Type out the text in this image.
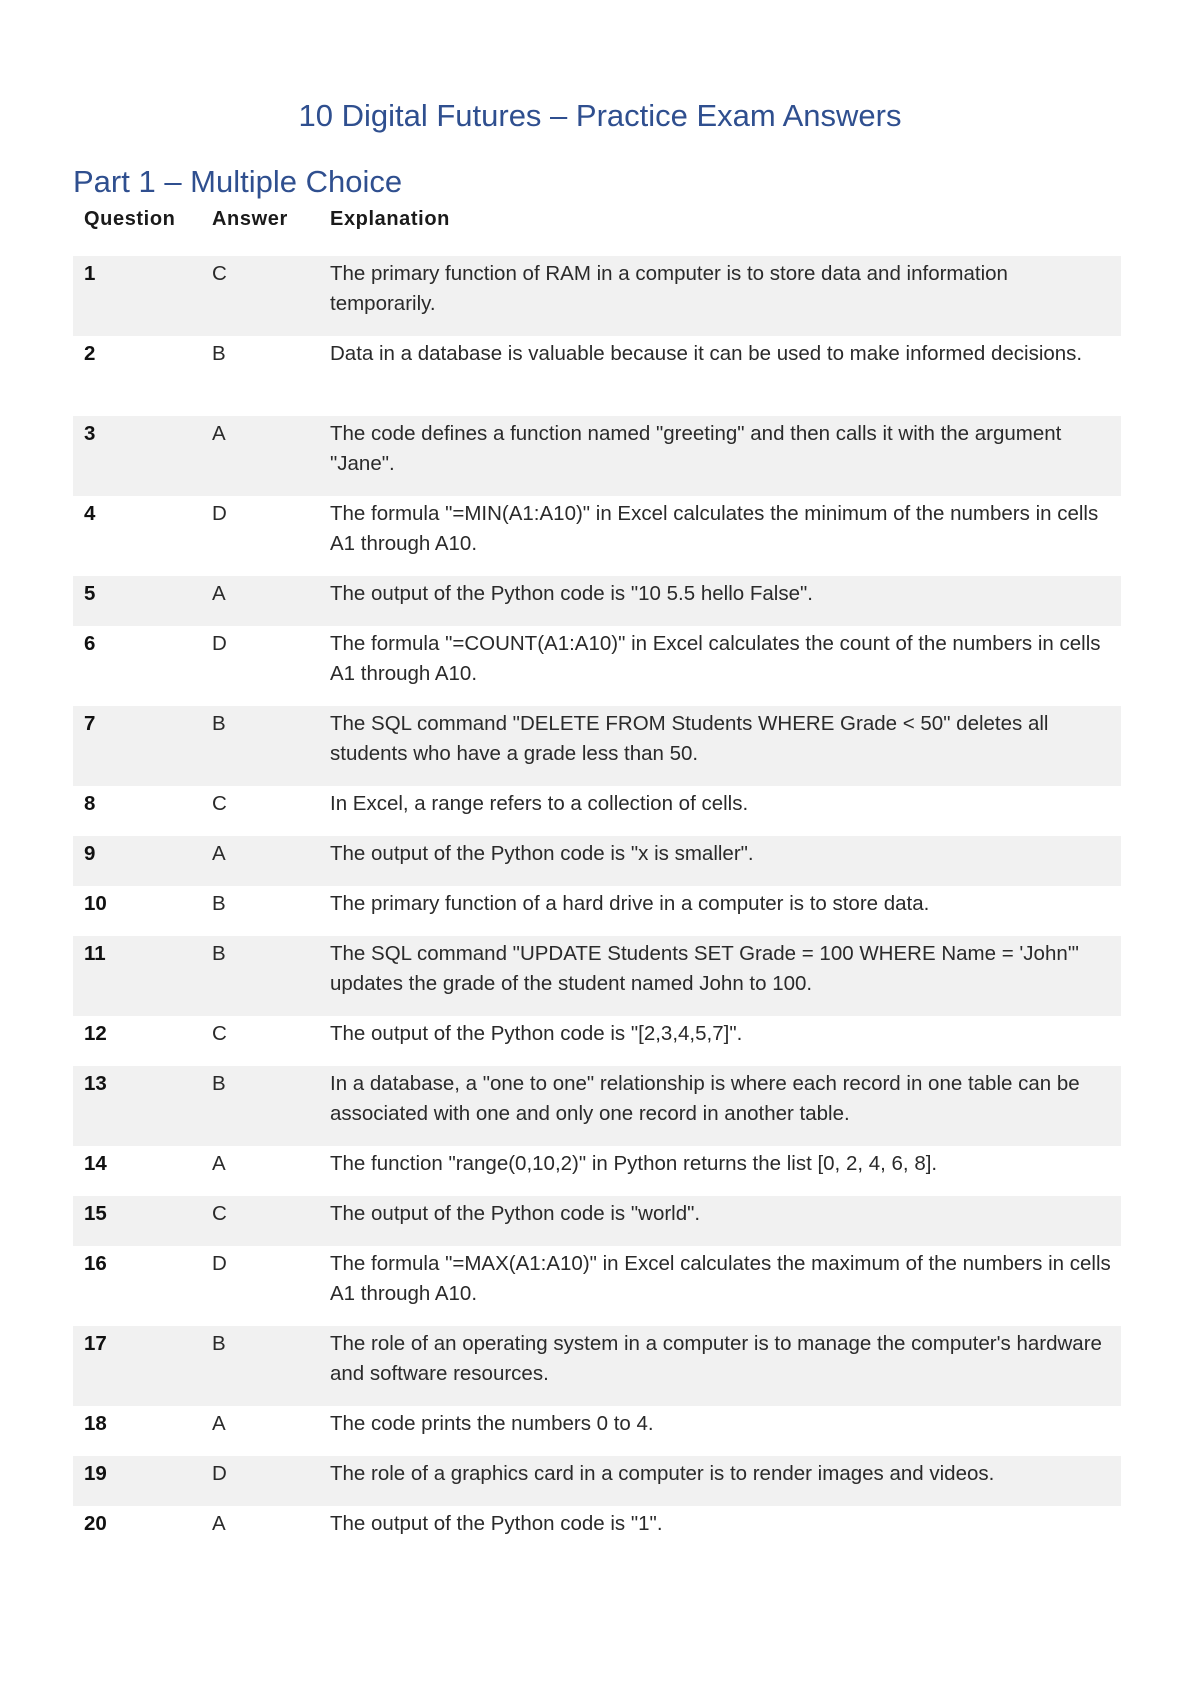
10 Digital Futures – Practice Exam Answers
Part 1 – Multiple Choice
Question	Answer	Explanation
1	C	The primary function of RAM in a computer is to store data and information temporarily.
2	B	Data in a database is valuable because it can be used to make informed decisions.
3	A	The code defines a function named "greeting" and then calls it with the argument "Jane".
4	D	The formula "=MIN(A1:A10)" in Excel calculates the minimum of the numbers in cells A1 through A10.
5	A	The output of the Python code is "10 5.5 hello False".
6	D	The formula "=COUNT(A1:A10)" in Excel calculates the count of the numbers in cells A1 through A10.
7	B	The SQL command "DELETE FROM Students WHERE Grade < 50" deletes all students who have a grade less than 50.
8	C	In Excel, a range refers to a collection of cells.
9	A	The output of the Python code is "x is smaller".
10	B	The primary function of a hard drive in a computer is to store data.
11	B	The SQL command "UPDATE Students SET Grade = 100 WHERE Name = 'John'" updates the grade of the student named John to 100.
12	C	The output of the Python code is "[2,3,4,5,7]".
13	B	In a database, a "one to one" relationship is where each record in one table can be associated with one and only one record in another table.
14	A	The function "range(0,10,2)" in Python returns the list [0, 2, 4, 6, 8].
15	C	The output of the Python code is "world".
16	D	The formula "=MAX(A1:A10)" in Excel calculates the maximum of the numbers in cells A1 through A10.
17	B	The role of an operating system in a computer is to manage the computer's hardware and software resources.
18	A	The code prints the numbers 0 to 4.
19	D	The role of a graphics card in a computer is to render images and videos.
20	A	The output of the Python code is "1".
